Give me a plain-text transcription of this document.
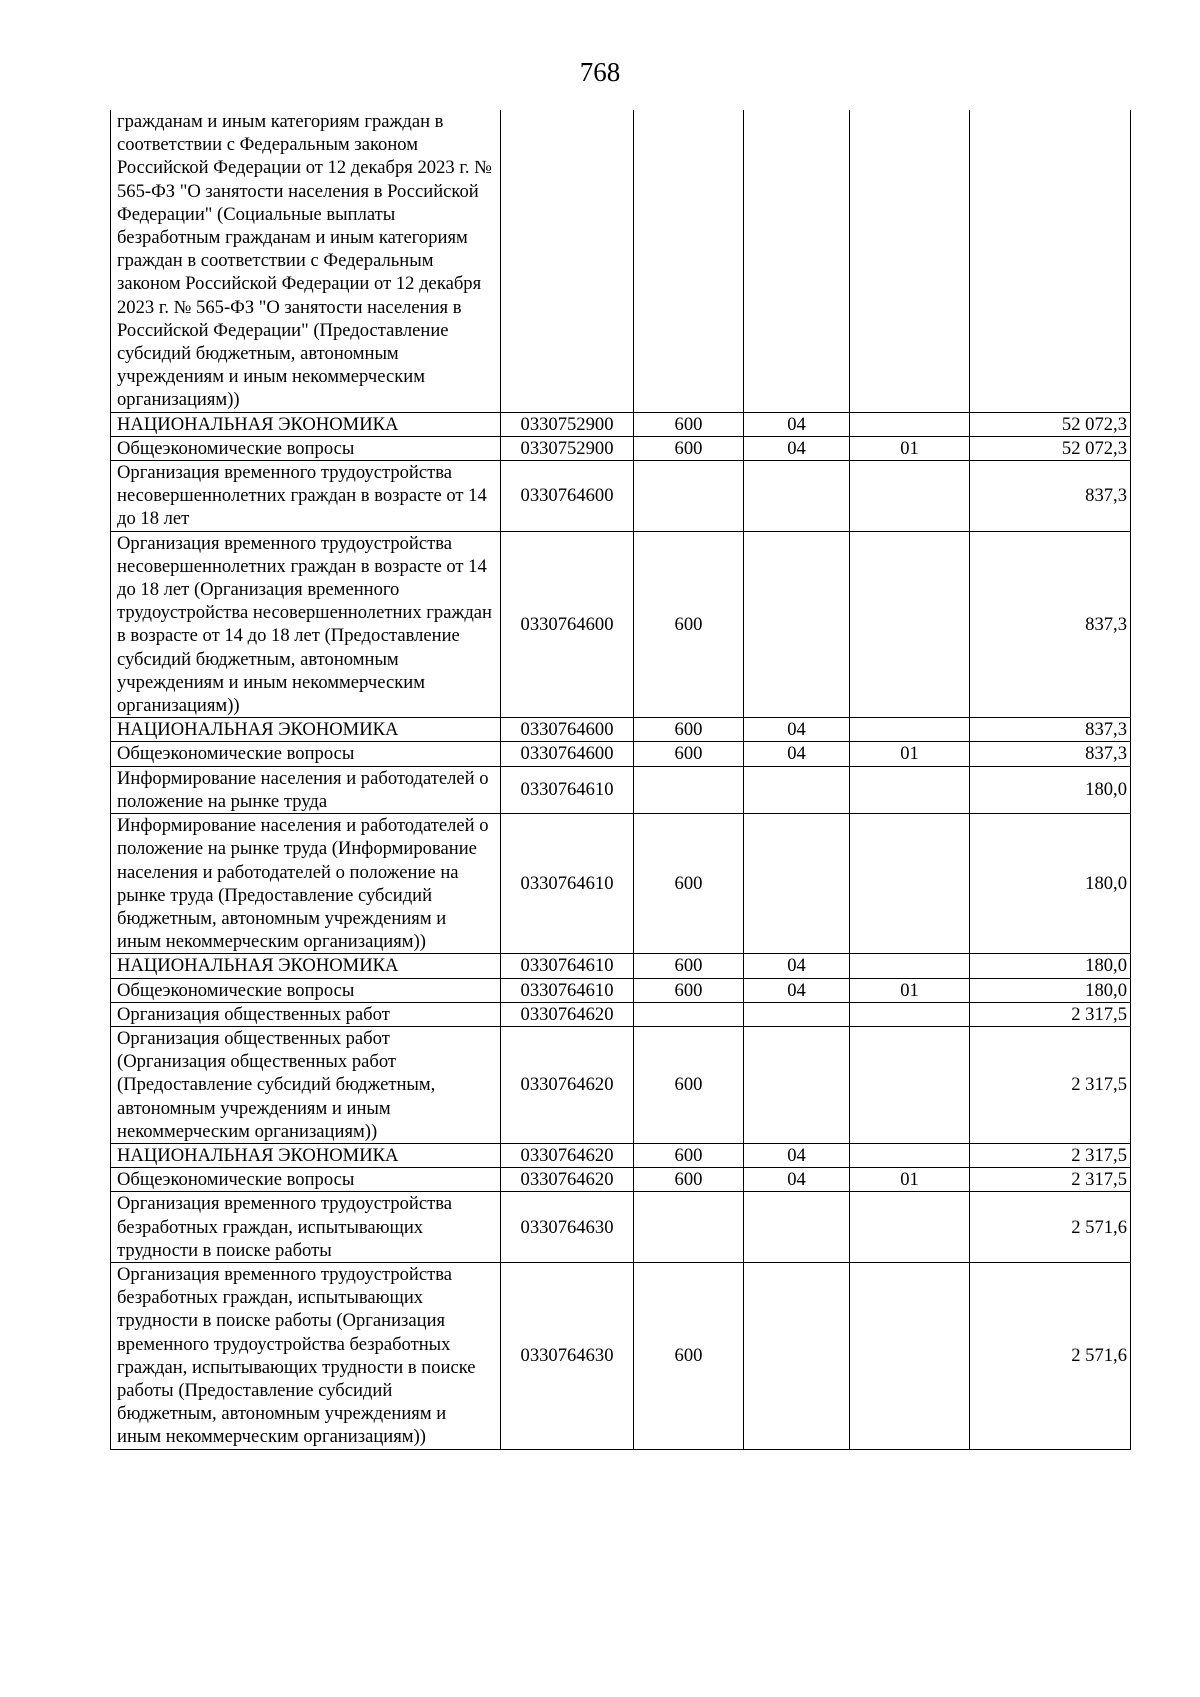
768
гражданам и иным категориям граждан в соответствии с Федеральным законом Российской Федерации от 12 декабря 2023 г. № 565-ФЗ "О занятости населения в Российской Федерации" (Социальные выплаты безработным гражданам и иным категориям граждан в соответствии с Федеральным законом Российской Федерации от 12 декабря 2023 г. № 565-ФЗ "О занятости населения в Российской Федерации" (Предоставление субсидий бюджетным, автономным учреждениям и иным некоммерческим организациям))					
НАЦИОНАЛЬНАЯ ЭКОНОМИКА	0330752900	600	04		52 072,3
Общеэкономические вопросы	0330752900	600	04	01	52 072,3
Организация временного трудоустройства несовершеннолетних граждан в возрасте от 14 до 18 лет	0330764600				837,3
Организация временного трудоустройства несовершеннолетних граждан в возрасте от 14 до 18 лет (Организация временного трудоустройства несовершеннолетних граждан в возрасте от 14 до 18 лет (Предоставление субсидий бюджетным, автономным учреждениям и иным некоммерческим организациям))	0330764600	600			837,3
НАЦИОНАЛЬНАЯ ЭКОНОМИКА	0330764600	600	04		837,3
Общеэкономические вопросы	0330764600	600	04	01	837,3
Информирование населения и работодателей о положение на рынке труда	0330764610				180,0
Информирование населения и работодателей о положение на рынке труда (Информирование населения и работодателей о положение на рынке труда (Предоставление субсидий бюджетным, автономным учреждениям и иным некоммерческим организациям))	0330764610	600			180,0
НАЦИОНАЛЬНАЯ ЭКОНОМИКА	0330764610	600	04		180,0
Общеэкономические вопросы	0330764610	600	04	01	180,0
Организация общественных работ	0330764620				2 317,5
Организация общественных работ (Организация общественных работ (Предоставление субсидий бюджетным, автономным учреждениям и иным некоммерческим организациям))	0330764620	600			2 317,5
НАЦИОНАЛЬНАЯ ЭКОНОМИКА	0330764620	600	04		2 317,5
Общеэкономические вопросы	0330764620	600	04	01	2 317,5
Организация временного трудоустройства безработных граждан, испытывающих трудности в поиске работы	0330764630				2 571,6
Организация временного трудоустройства безработных граждан, испытывающих трудности в поиске работы (Организация временного трудоустройства безработных граждан, испытывающих трудности в поиске работы (Предоставление субсидий бюджетным, автономным учреждениям и иным некоммерческим организациям))	0330764630	600			2 571,6
